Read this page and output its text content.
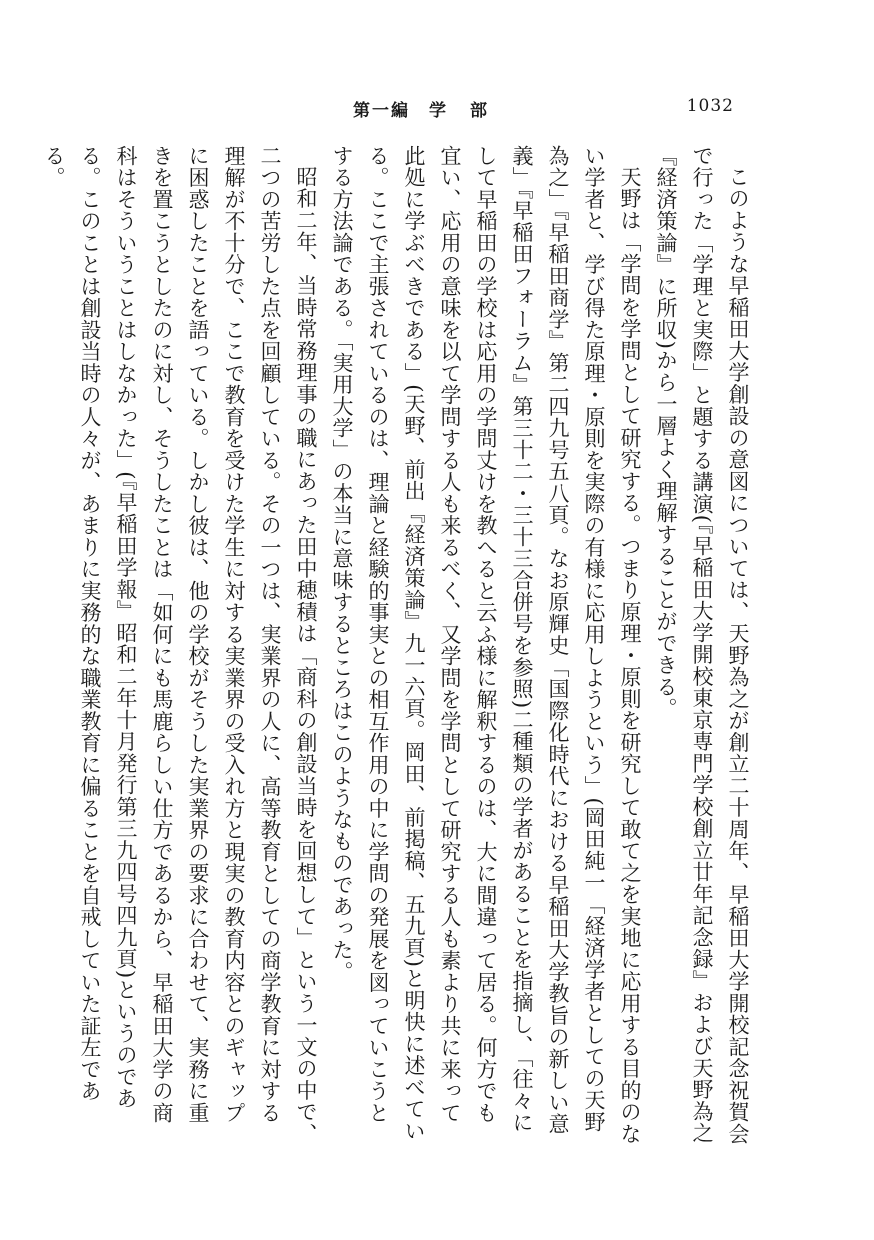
第一編　学 部	1032

このような早稲田大学創設の意図については、天野為之が創立二十周年、早稲田大学開校記念祝賀会で行った「学理と実際」と題する講演(『早稲田大学開校東京専門学校創立廿年記念録』および天野為之『経済策論』に所収)から一層よく理解することができる。

天野は「学問を学問として研究する。つまり原理・原則を研究して敢て之を実地に応用する目的のない学者と、学び得た原理・原則を実際の有様に応用しようという」(岡田純一「経済学者としての天野為之」『早稲田商学』第二四九号五八頁。なお原輝史「国際化時代における早稲田大学教旨の新しい意義」『早稲田フォーラム』第三十二・三十三合併号を参照)二種類の学者があることを指摘し、「往々にして早稲田の学校は応用の学問丈けを教へると云ふ様に解釈するのは、大に間違って居る。何方でも宜い、応用の意味を以て学問する人も来るべく、又学問を学問として研究する人も素より共に来って此処に学ぶべきである」(天野、前出『経済策論』九一六頁。岡田、前掲稿、五九頁)と明快に述べている。ここで主張されているのは、理論と経験的事実との相互作用の中に学問の発展を図っていこうとする方法論である。「実用大学」の本当に意味するところはこのようなものであった。

昭和二年、当時常務理事の職にあった田中穂積は「商科の創設当時を回想して」という一文の中で、二つの苦労した点を回顧している。その一つは、実業界の人に、高等教育としての商学教育に対する理解が不十分で、ここで教育を受けた学生に対する実業界の受入れ方と現実の教育内容とのギャップに困惑したことを語っている。しかし彼は、他の学校がそうした実業界の要求に合わせて、実務に重きを置こうとしたのに対し、そうしたことは「如何にも馬鹿らしい仕方であるから、早稲田大学の商科はそういうことはしなかった」(『早稲田学報』昭和二年十月発行第三九四号四九頁)というのである。このことは創設当時の人々が、あまりに実務的な職業教育に偏ることを自戒していた証左である。
